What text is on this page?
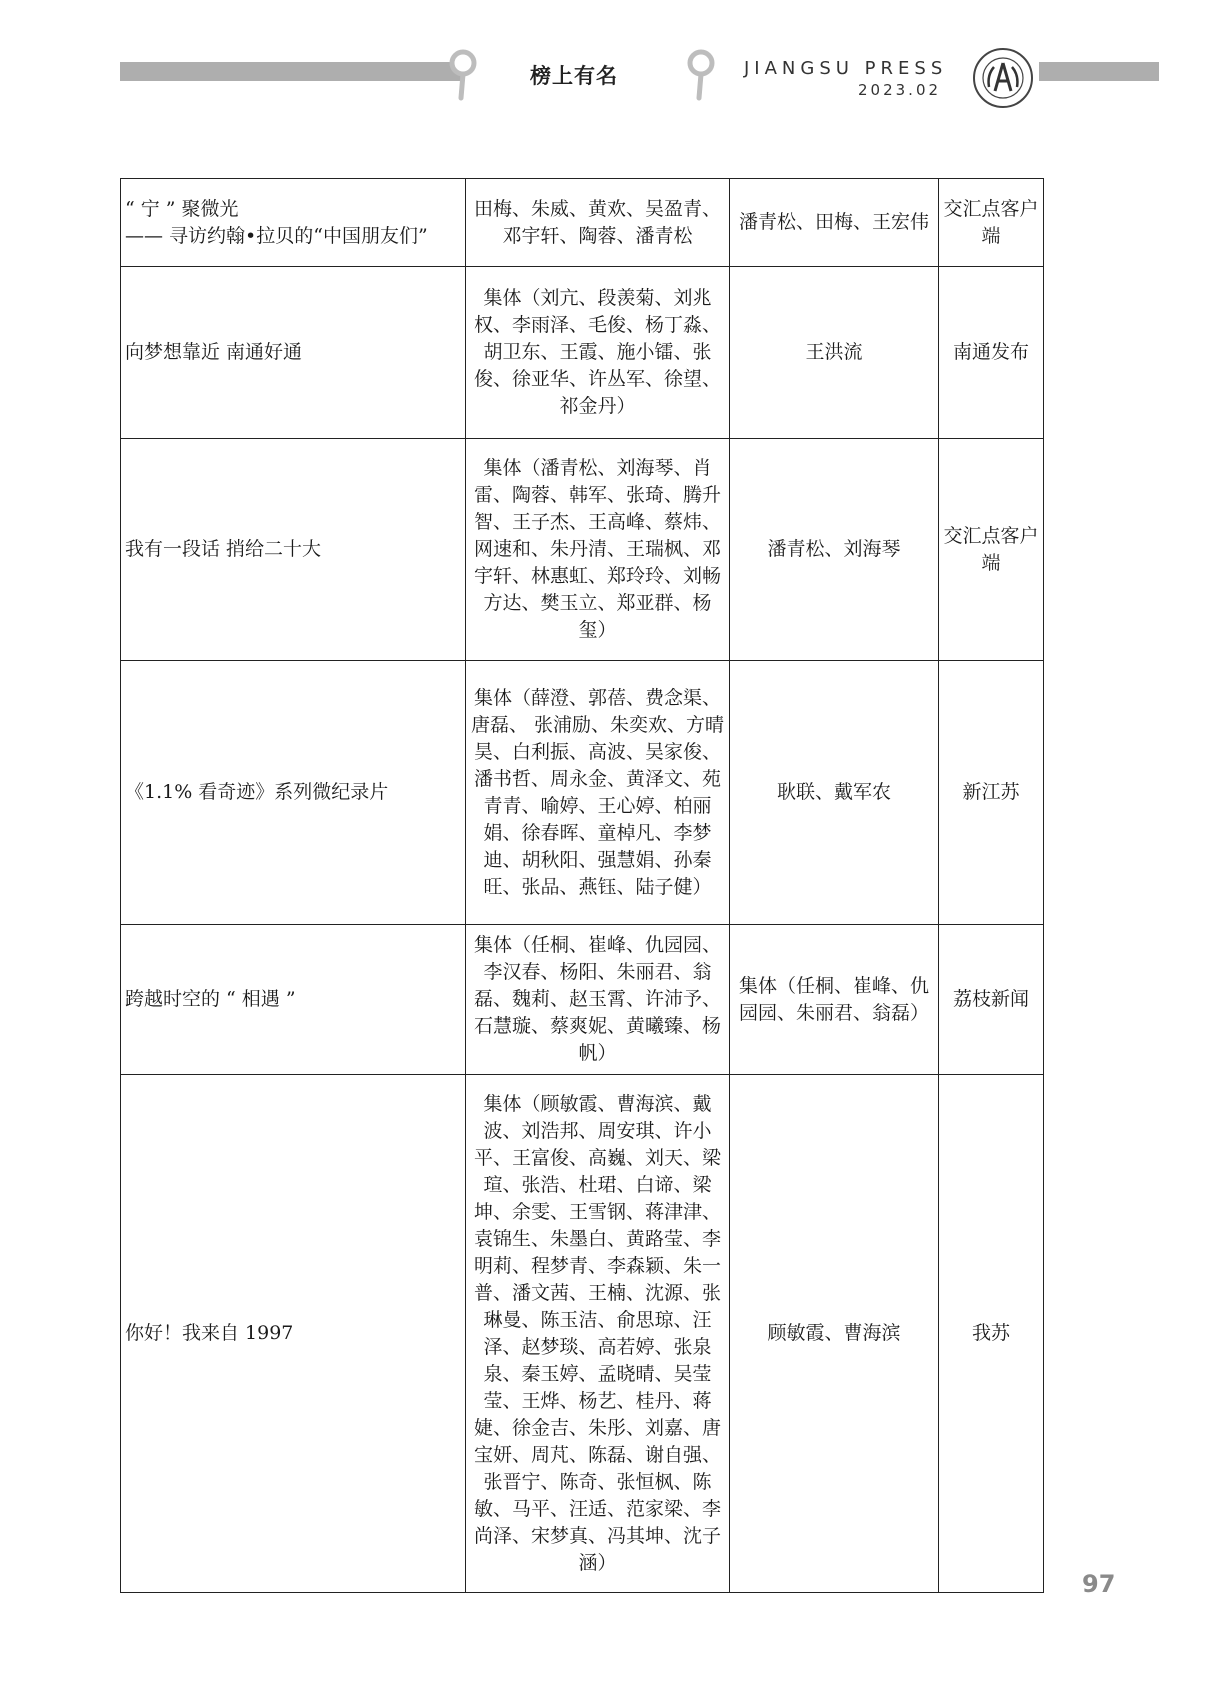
榜上有名	JIANGSU PRESS
2023.02
“ 宁 ” 聚微光
—— 寻访约翰•拉贝的“中国朋友们”	田梅、朱威、黄欢、吴盈青、邓宇轩、陶蓉、潘青松	潘青松、田梅、王宏伟	交汇点客户端
向梦想靠近 南通好通	集体（刘亢、段羡菊、刘兆权、李雨泽、毛俊、杨丁淼、胡卫东、王霞、施小镭、张俊、徐亚华、许丛军、徐望、祁金丹）	王洪流	南通发布
我有一段话 捎给二十大	集体（潘青松、刘海琴、肖雷、陶蓉、韩军、张琦、腾升智、王子杰、王高峰、蔡炜、网速和、朱丹清、王瑞枫、邓宇轩、林惠虹、郑玲玲、刘畅方达、樊玉立、郑亚群、杨玺）	潘青松、刘海琴	交汇点客户端
《1.1% 看奇迹》系列微纪录片	集体（薛澄、郭蓓、费念渠、唐磊、 张浦励、朱奕欢、方晴昊、白利振、高波、吴家俊、潘书哲、周永金、黄泽文、苑青青、喻婷、王心婷、柏丽娟、徐春晖、童棹凡、李梦迪、胡秋阳、强慧娟、孙秦旺、张品、燕钰、陆子健）	耿联、戴军农	新江苏
跨越时空的 “ 相遇 ”	集体（任桐、崔峰、仇园园、李汉春、杨阳、朱丽君、翁磊、魏莉、赵玉霄、许沛予、石慧璇、蔡爽妮、黄曦臻、杨帆）	集体（任桐、崔峰、仇园园、朱丽君、翁磊）	荔枝新闻
你好！我来自 1997	集体（顾敏霞、曹海滨、戴波、刘浩邦、周安琪、许小平、王富俊、高巍、刘天、梁瑄、张浩、杜珺、白谛、梁坤、余雯、王雪钢、蒋津津、袁锦生、朱墨白、黄路莹、李明莉、程梦青、李森颖、朱一普、潘文茜、王楠、沈源、张琳曼、陈玉洁、俞思琼、汪泽、赵梦琰、高若婷、张泉泉、秦玉婷、孟晓晴、吴莹莹、王烨、杨艺、桂丹、蒋婕、徐金吉、朱彤、刘嘉、唐宝妍、周芃、陈磊、谢自强、张晋宁、陈奇、张恒枫、陈敏、马平、汪适、范家梁、李尚泽、宋梦真、冯其坤、沈子涵）	顾敏霞、曹海滨	我苏
97
